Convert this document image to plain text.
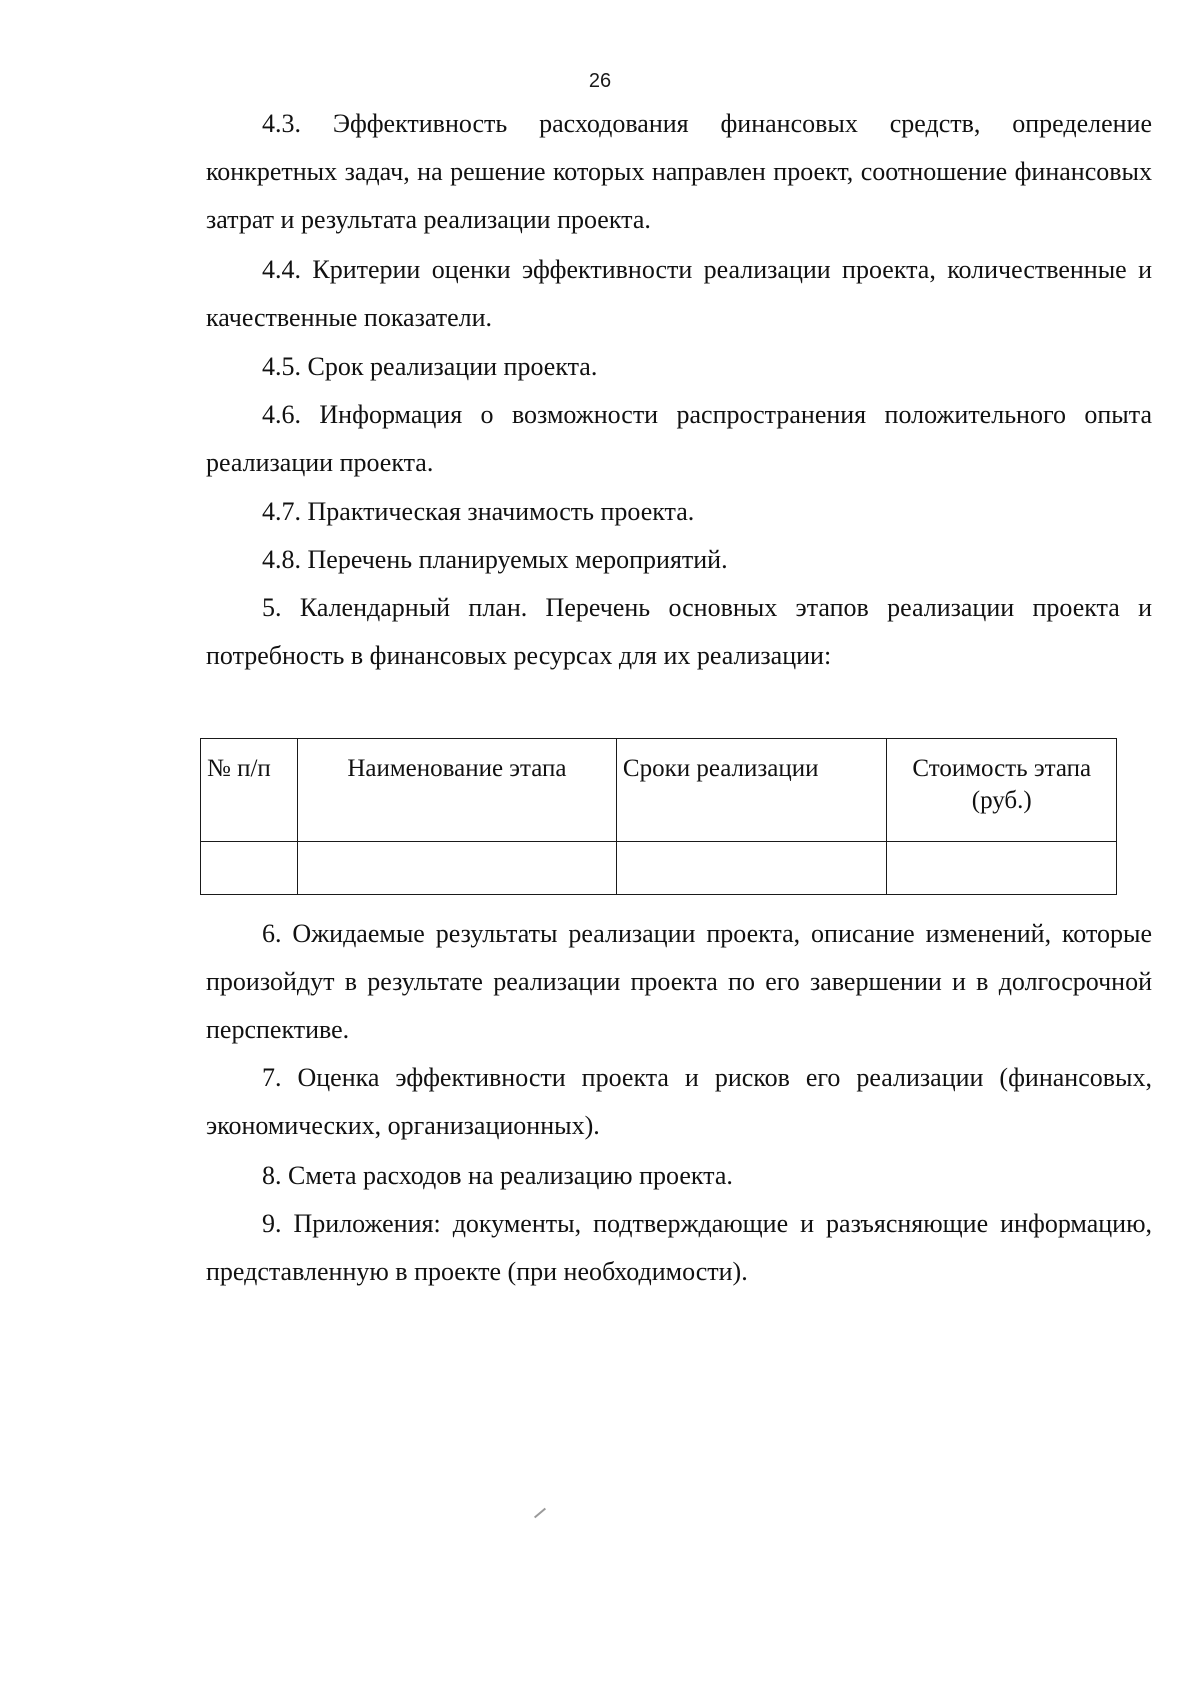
26

4.3. Эффективность расходования финансовых средств, определение конкретных задач, на решение которых направлен проект, соотношение финансовых затрат и результата реализации проекта.

4.4. Критерии оценки эффективности реализации проекта, количественные и качественные показатели.

4.5. Срок реализации проекта.

4.6. Информация о возможности распространения положительного опыта реализации проекта.

4.7. Практическая значимость проекта.

4.8. Перечень планируемых мероприятий.

5. Календарный план. Перечень основных этапов реализации проекта и потребность в финансовых ресурсах для их реализации:

№ п/п	Наименование этапа	Сроки реализации	Стоимость этапа (руб.)

6. Ожидаемые результаты реализации проекта, описание изменений, которые произойдут в результате реализации проекта по его завершении и в долгосрочной перспективе.

7. Оценка эффективности проекта и рисков его реализации (финансовых, экономических, организационных).

8. Смета расходов на реализацию проекта.

9. Приложения: документы, подтверждающие и разъясняющие информацию, представленную в проекте (при необходимости).
